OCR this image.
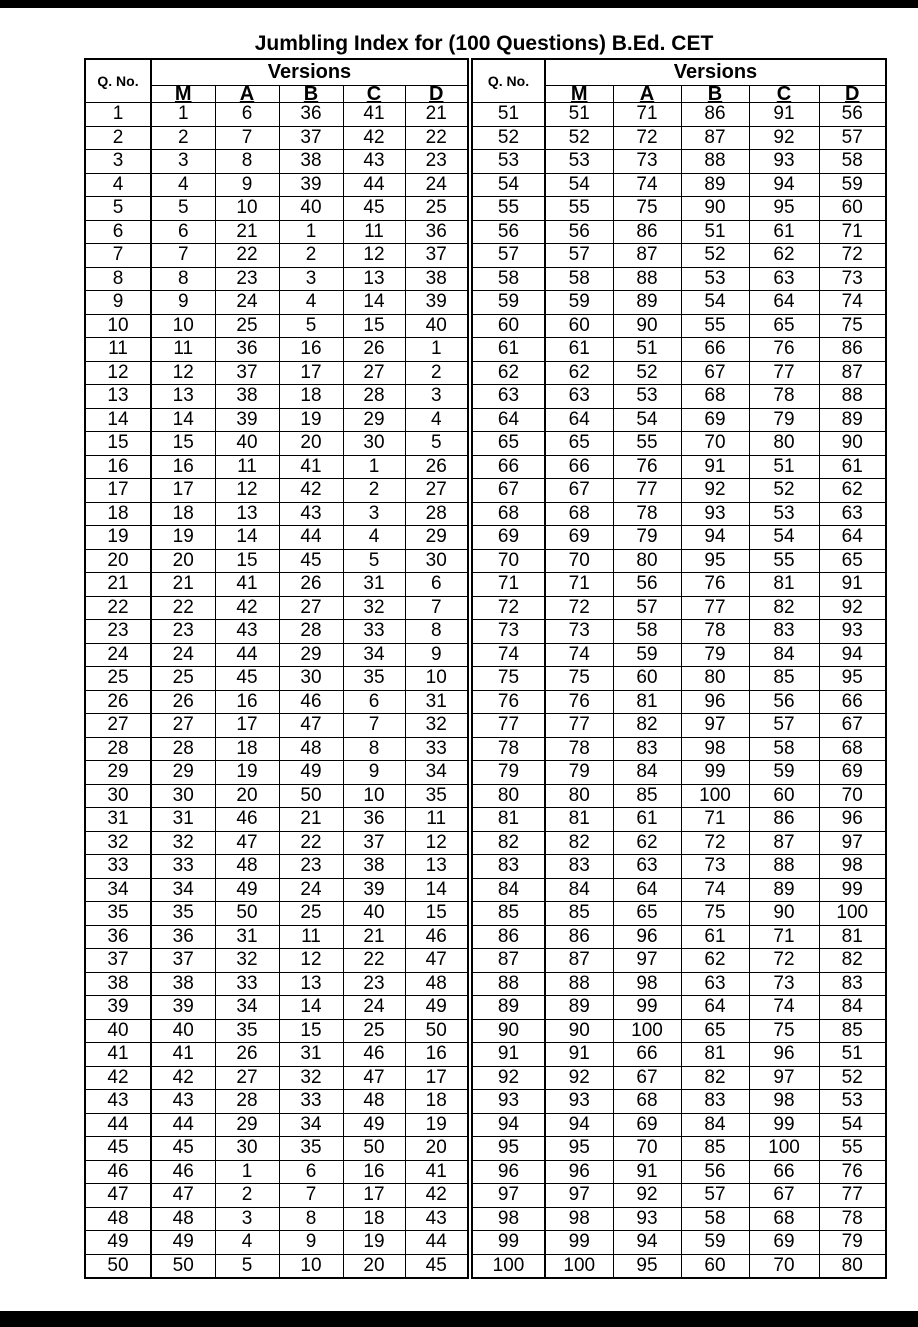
Jumbling Index for (100 Questions) B.Ed. CET
Q. No.	Versions				
	M	A	B	C	D
1	1	6	36	41	21
2	2	7	37	42	22
3	3	8	38	43	23
4	4	9	39	44	24
5	5	10	40	45	25
6	6	21	1	11	36
7	7	22	2	12	37
8	8	23	3	13	38
9	9	24	4	14	39
10	10	25	5	15	40
11	11	36	16	26	1
12	12	37	17	27	2
13	13	38	18	28	3
14	14	39	19	29	4
15	15	40	20	30	5
16	16	11	41	1	26
17	17	12	42	2	27
18	18	13	43	3	28
19	19	14	44	4	29
20	20	15	45	5	30
21	21	41	26	31	6
22	22	42	27	32	7
23	23	43	28	33	8
24	24	44	29	34	9
25	25	45	30	35	10
26	26	16	46	6	31
27	27	17	47	7	32
28	28	18	48	8	33
29	29	19	49	9	34
30	30	20	50	10	35
31	31	46	21	36	11
32	32	47	22	37	12
33	33	48	23	38	13
34	34	49	24	39	14
35	35	50	25	40	15
36	36	31	11	21	46
37	37	32	12	22	47
38	38	33	13	23	48
39	39	34	14	24	49
40	40	35	15	25	50
41	41	26	31	46	16
42	42	27	32	47	17
43	43	28	33	48	18
44	44	29	34	49	19
45	45	30	35	50	20
46	46	1	6	16	41
47	47	2	7	17	42
48	48	3	8	18	43
49	49	4	9	19	44
50	50	5	10	20	45
Q. No.	Versions				
	M	A	B	C	D
51	51	71	86	91	56
52	52	72	87	92	57
53	53	73	88	93	58
54	54	74	89	94	59
55	55	75	90	95	60
56	56	86	51	61	71
57	57	87	52	62	72
58	58	88	53	63	73
59	59	89	54	64	74
60	60	90	55	65	75
61	61	51	66	76	86
62	62	52	67	77	87
63	63	53	68	78	88
64	64	54	69	79	89
65	65	55	70	80	90
66	66	76	91	51	61
67	67	77	92	52	62
68	68	78	93	53	63
69	69	79	94	54	64
70	70	80	95	55	65
71	71	56	76	81	91
72	72	57	77	82	92
73	73	58	78	83	93
74	74	59	79	84	94
75	75	60	80	85	95
76	76	81	96	56	66
77	77	82	97	57	67
78	78	83	98	58	68
79	79	84	99	59	69
80	80	85	100	60	70
81	81	61	71	86	96
82	82	62	72	87	97
83	83	63	73	88	98
84	84	64	74	89	99
85	85	65	75	90	100
86	86	96	61	71	81
87	87	97	62	72	82
88	88	98	63	73	83
89	89	99	64	74	84
90	90	100	65	75	85
91	91	66	81	96	51
92	92	67	82	97	52
93	93	68	83	98	53
94	94	69	84	99	54
95	95	70	85	100	55
96	96	91	56	66	76
97	97	92	57	67	77
98	98	93	58	68	78
99	99	94	59	69	79
100	100	95	60	70	80
